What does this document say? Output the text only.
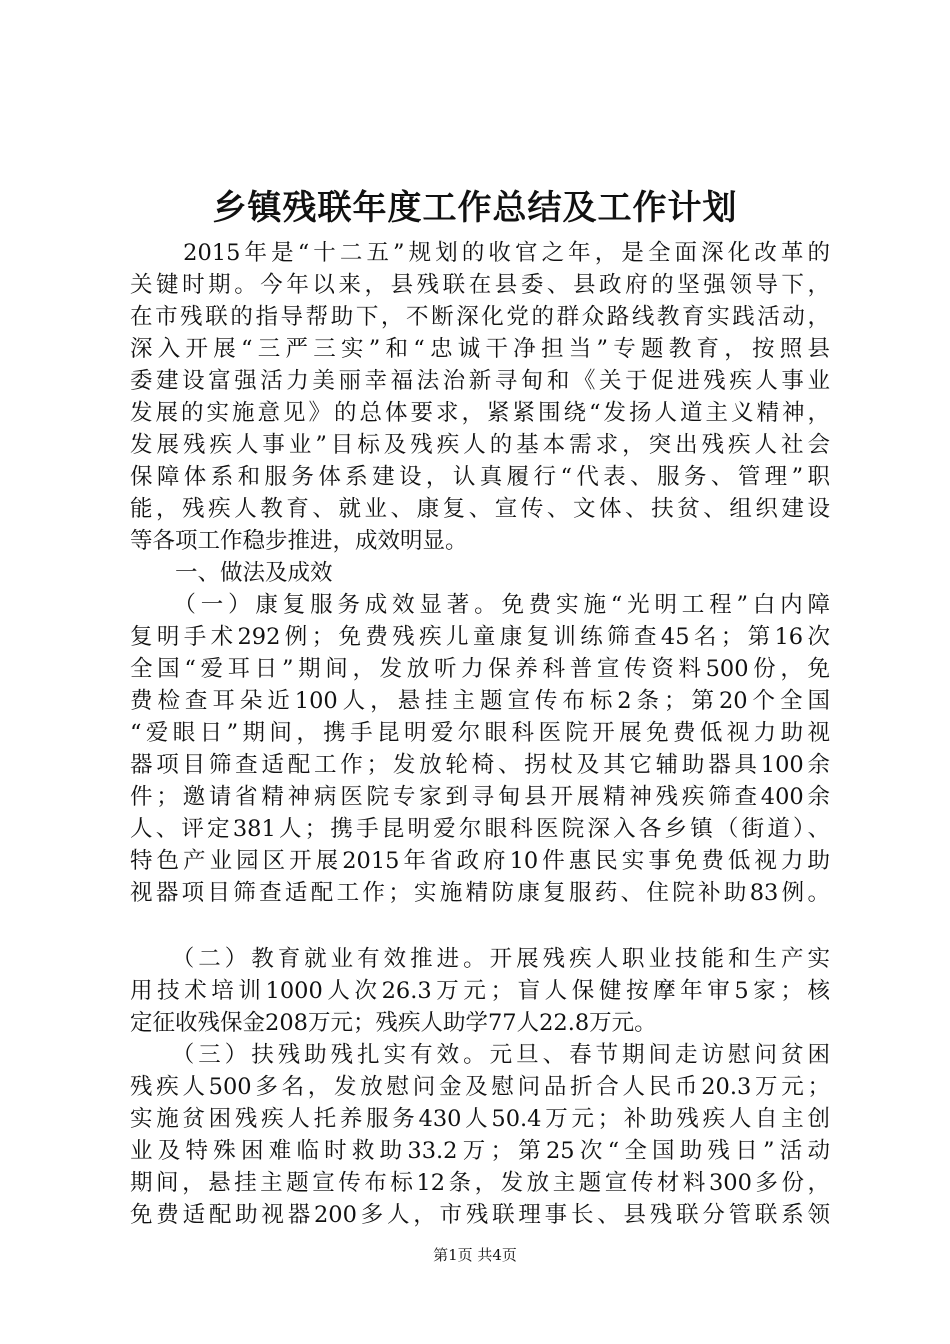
乡镇残联年度工作总结及工作计划
　　2015年是“十二五”规划的收官之年，是全面深化改革的
关键时期。今年以来，县残联在县委、县政府的坚强领导下，
在市残联的指导帮助下，不断深化党的群众路线教育实践活动，
深入开展“三严三实”和“忠诚干净担当”专题教育，按照县
委建设富强活力美丽幸福法治新寻甸和《关于促进残疾人事业
发展的实施意见》的总体要求，紧紧围绕“发扬人道主义精神，
发展残疾人事业”目标及残疾人的基本需求，突出残疾人社会
保障体系和服务体系建设，认真履行“代表、服务、管理”职
能，残疾人教育、就业、康复、宣传、文体、扶贫、组织建设
等各项工作稳步推进，成效明显。
　　一、做法及成效
　　（一）康复服务成效显著。免费实施“光明工程”白内障
复明手术292例；免费残疾儿童康复训练筛查45名；第16次
全国“爱耳日”期间，发放听力保养科普宣传资料500份，免
费检查耳朵近100人，悬挂主题宣传布标2条；第20个全国
“爱眼日”期间，携手昆明爱尔眼科医院开展免费低视力助视
器项目筛查适配工作；发放轮椅、拐杖及其它辅助器具100余
件；邀请省精神病医院专家到寻甸县开展精神残疾筛查400余
人、评定381人；携手昆明爱尔眼科医院深入各乡镇（街道）、
特色产业园区开展2015年省政府10件惠民实事免费低视力助
视器项目筛查适配工作；实施精防康复服药、住院补助83例。
　　（二）教育就业有效推进。开展残疾人职业技能和生产实
用技术培训1000人次26.3万元；盲人保健按摩年审5家；核
定征收残保金208万元；残疾人助学77人22.8万元。
　　（三）扶残助残扎实有效。元旦、春节期间走访慰问贫困
残疾人500多名，发放慰问金及慰问品折合人民币20.3万元；
实施贫困残疾人托养服务430人50.4万元；补助残疾人自主创
业及特殊困难临时救助33.2万；第25次“全国助残日”活动
期间，悬挂主题宣传布标12条，发放主题宣传材料300多份，
免费适配助视器200多人，市残联理事长、县残联分管联系领
第1页 共4页
